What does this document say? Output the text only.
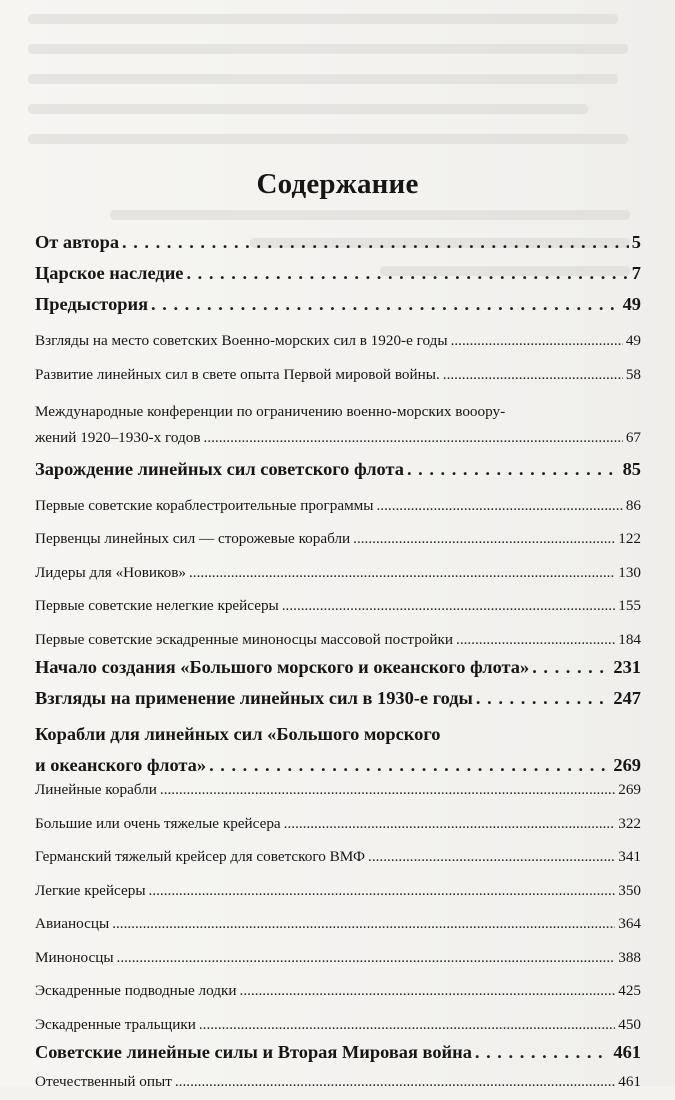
Содержание
От автора . . .	5
Царское наследие . . .	7
Предыстория . . .	49
Взгляды на место советских Военно-морских сил в 1920-е годы .....	49
Развитие линейных сил в свете опыта Первой мировой войны. .....	58
Международные конференции по ограничению военно-морских вооору-
жений 1920–1930-х годов .....	67
Зарождение линейных сил советского флота . . .	85
Первые советские кораблестроительные программы .....	86
Первенцы линейных сил — сторожевые корабли .....	122
Лидеры для «Новиков» .....	130
Первые советские нелегкие крейсеры .....	155
Первые советские эскадренные миноносцы массовой постройки .....	184
Начало создания «Большого морского и океанского флота» . . .	231
Взгляды на применение линейных сил в 1930-е годы . . .	247
Корабли для линейных сил «Большого морского
и океанского флота» . . .	269
Линейные корабли .....	269
Большие или очень тяжелые крейсера .....	322
Германский тяжелый крейсер для советского ВМФ .....	341
Легкие крейсеры .....	350
Авианосцы .....	364
Миноносцы .....	388
Эскадренные подводные лодки .....	425
Эскадренные тральщики .....	450
Советские линейные силы и Вторая Мировая война . . .	461
Отечественный опыт .....	461
